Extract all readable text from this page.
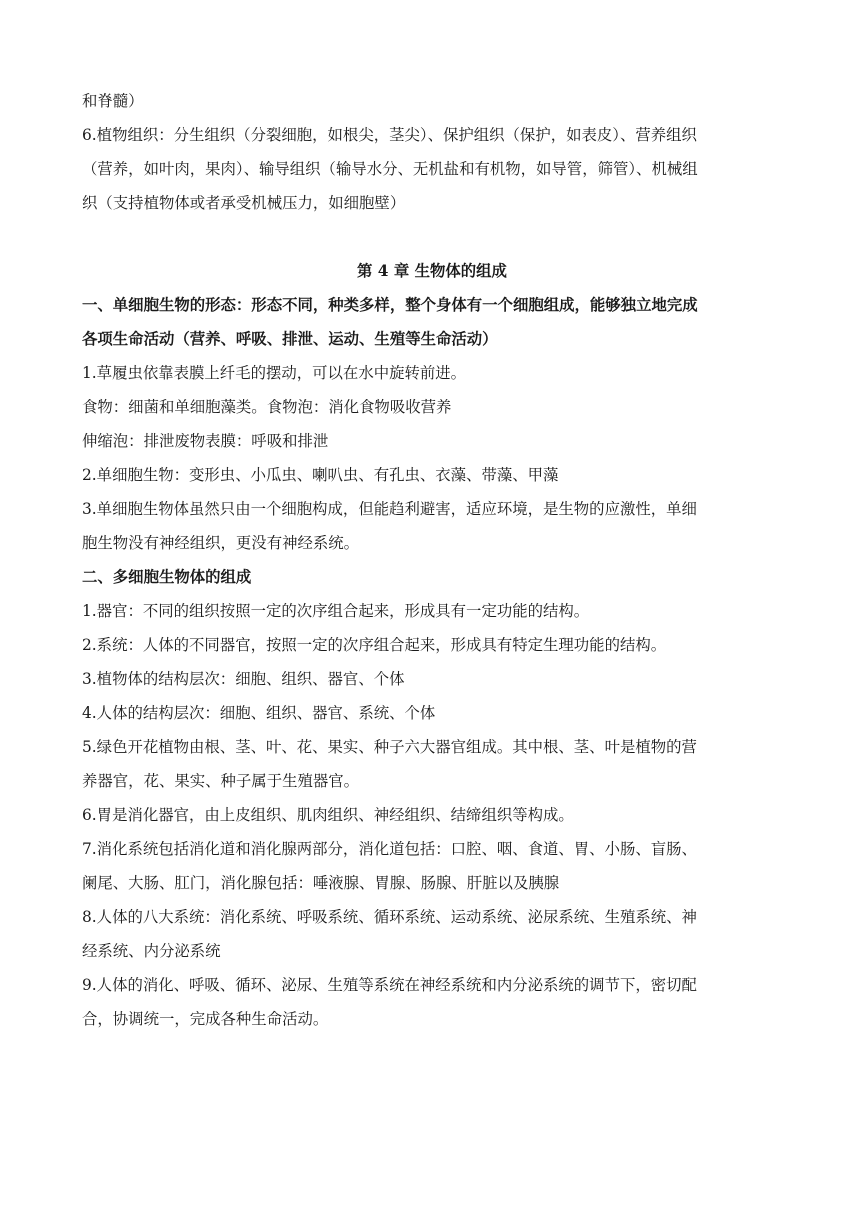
和脊髓）
6.植物组织：分生组织（分裂细胞，如根尖，茎尖）、保护组织（保护，如表皮）、营养组织
（营养，如叶肉，果肉）、输导组织（输导水分、无机盐和有机物，如导管，筛管）、机械组
织（支持植物体或者承受机械压力，如细胞壁）
第 4 章 生物体的组成
一、单细胞生物的形态：形态不同，种类多样，整个身体有一个细胞组成，能够独立地完成
各项生命活动（营养、呼吸、排泄、运动、生殖等生命活动）
1.草履虫依靠表膜上纤毛的摆动，可以在水中旋转前进。
食物：细菌和单细胞藻类。食物泡：消化食物吸收营养
伸缩泡：排泄废物表膜：呼吸和排泄
2.单细胞生物：变形虫、小瓜虫、喇叭虫、有孔虫、衣藻、带藻、甲藻
3.单细胞生物体虽然只由一个细胞构成，但能趋利避害，适应环境，是生物的应激性，单细
胞生物没有神经组织，更没有神经系统。
二、多细胞生物体的组成
1.器官：不同的组织按照一定的次序组合起来，形成具有一定功能的结构。
2.系统：人体的不同器官，按照一定的次序组合起来，形成具有特定生理功能的结构。
3.植物体的结构层次：细胞、组织、器官、个体
4.人体的结构层次：细胞、组织、器官、系统、个体
5.绿色开花植物由根、茎、叶、花、果实、种子六大器官组成。其中根、茎、叶是植物的营
养器官，花、果实、种子属于生殖器官。
6.胃是消化器官，由上皮组织、肌肉组织、神经组织、结缔组织等构成。
7.消化系统包括消化道和消化腺两部分，消化道包括：口腔、咽、食道、胃、小肠、盲肠、
阑尾、大肠、肛门，消化腺包括：唾液腺、胃腺、肠腺、肝脏以及胰腺
8.人体的八大系统：消化系统、呼吸系统、循环系统、运动系统、泌尿系统、生殖系统、神
经系统、内分泌系统
9.人体的消化、呼吸、循环、泌尿、生殖等系统在神经系统和内分泌系统的调节下，密切配
合，协调统一，完成各种生命活动。
